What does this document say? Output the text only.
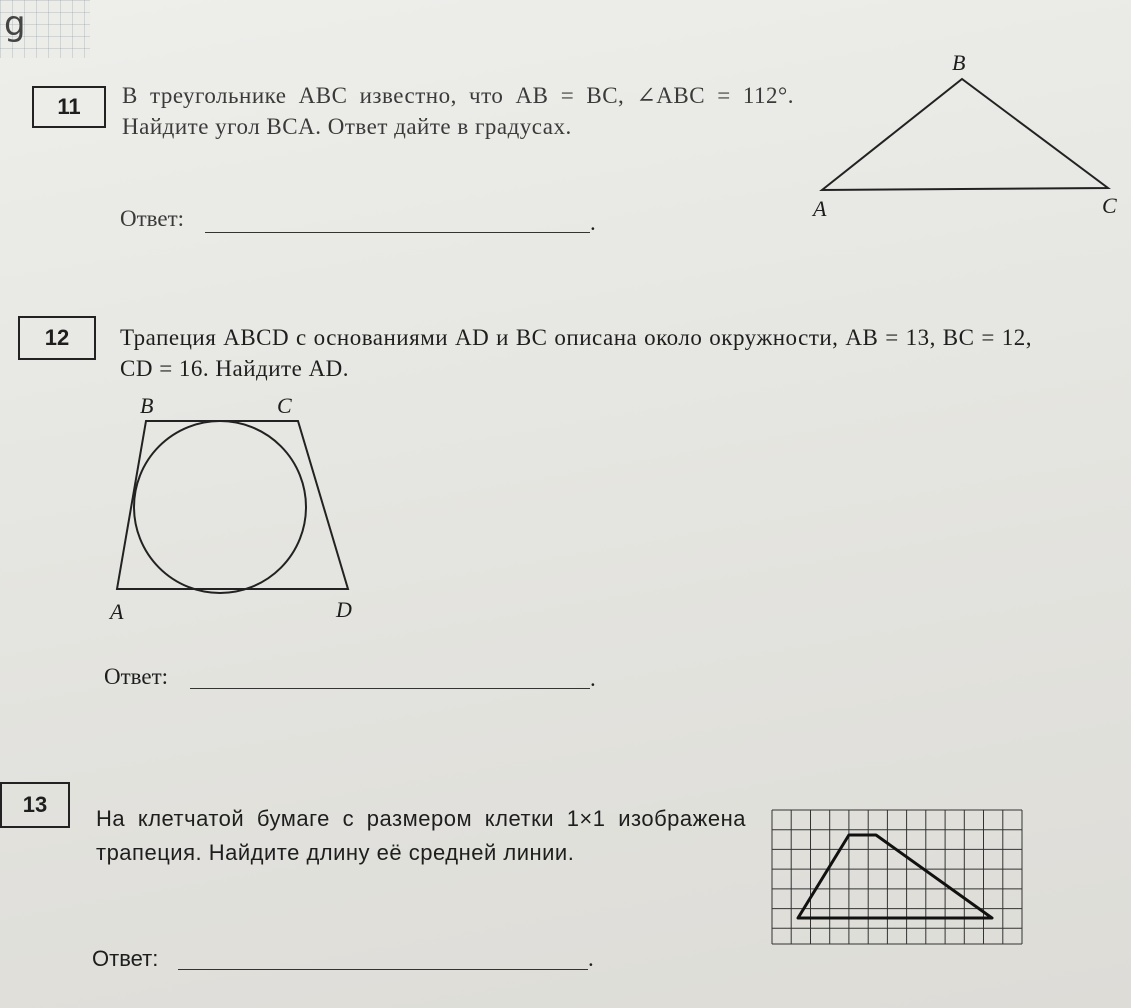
g
11	В треугольнике ABC известно, что AB = BC, ∠ABC = 112°. Найдите угол BCA. Ответ дайте в градусах.
Ответ:	.
B
A	C
12	Трапеция ABCD с основаниями AD и BC описана около окружности, AB = 13, BC = 12, CD = 16. Найдите AD.
B	C
A	D
Ответ:	.
13
На клетчатой бумаге с размером клетки 1×1 изображена трапеция. Найдите длину её средней линии.
Ответ:	.
